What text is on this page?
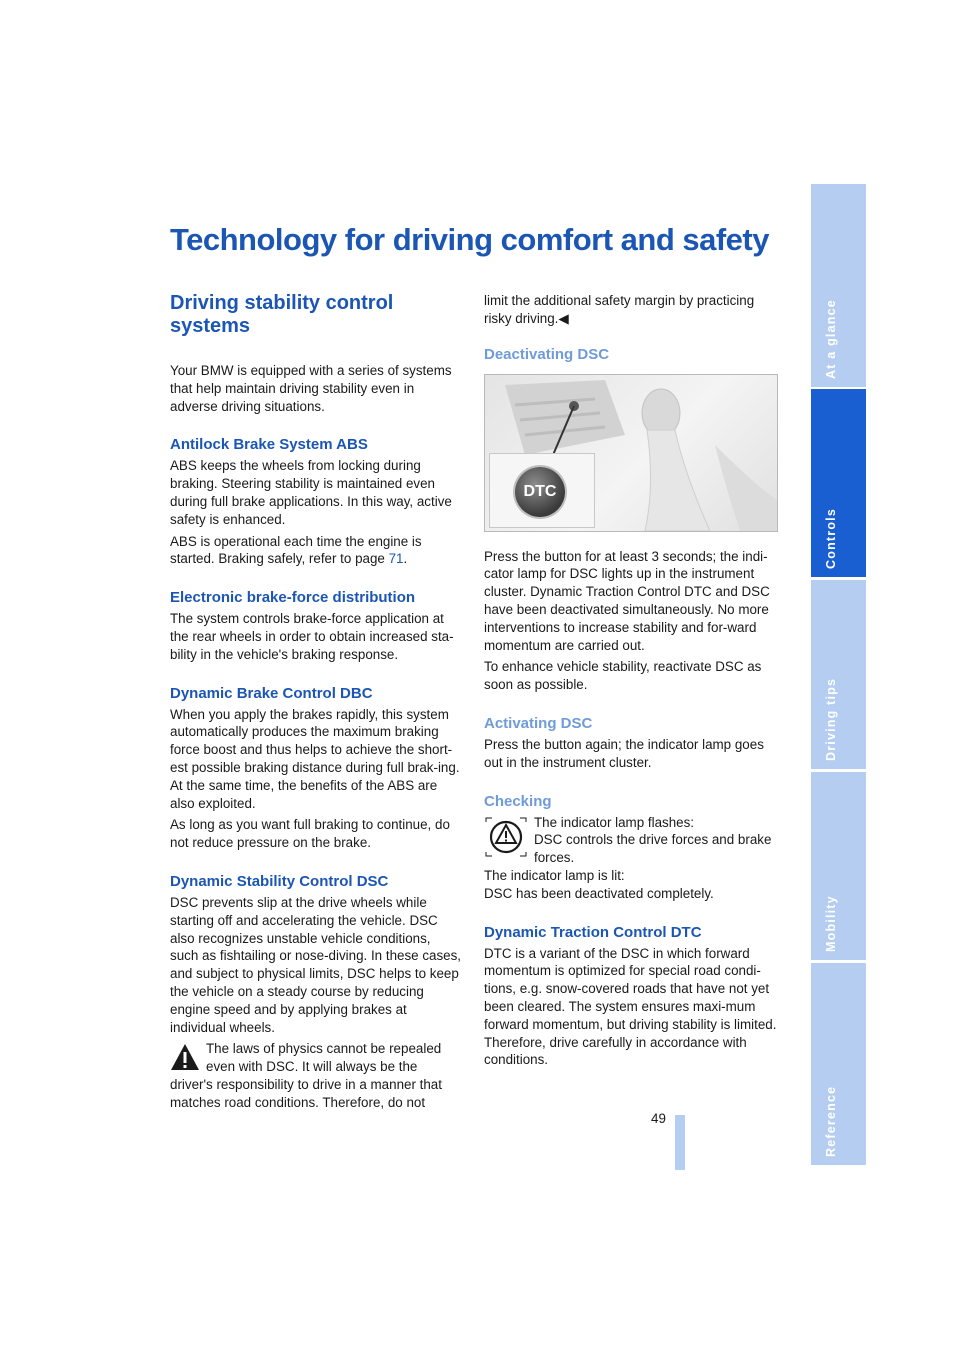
Technology for driving comfort and safety
Driving stability control systems

Your BMW is equipped with a series of systems that help maintain driving stability even in adverse driving situations.

Antilock Brake System ABS

ABS keeps the wheels from locking during braking. Steering stability is maintained even during full brake applications. In this way, active safety is enhanced.

ABS is operational each time the engine is started. Braking safely, refer to page 71.

Electronic brake-force distribution

The system controls brake-force application at the rear wheels in order to obtain increased sta-bility in the vehicle's braking response.

Dynamic Brake Control DBC

When you apply the brakes rapidly, this system automatically produces the maximum braking force boost and thus helps to achieve the short-est possible braking distance during full brak-ing. At the same time, the benefits of the ABS are also exploited.

As long as you want full braking to continue, do not reduce pressure on the brake.

Dynamic Stability Control DSC

DSC prevents slip at the drive wheels while starting off and accelerating the vehicle. DSC also recognizes unstable vehicle conditions, such as fishtailing or nose-diving. In these cases, and subject to physical limits, DSC helps to keep the vehicle on a steady course by reducing engine speed and by applying brakes at individual wheels.

The laws of physics cannot be repealed even with DSC. It will always be the driver's responsibility to drive in a manner that matches road conditions. Therefore, do not

limit the additional safety margin by practicing risky driving.◀

Deactivating DSC
DTC

Press the button for at least 3 seconds; the indi-cator lamp for DSC lights up in the instrument cluster. Dynamic Traction Control DTC and DSC have been deactivated simultaneously. No more interventions to increase stability and for-ward momentum are carried out.

To enhance vehicle stability, reactivate DSC as soon as possible.

Activating DSC

Press the button again; the indicator lamp goes out in the instrument cluster.

Checking

The indicator lamp flashes:

DSC controls the drive forces and brake forces.

The indicator lamp is lit:

DSC has been deactivated completely.

Dynamic Traction Control DTC

DTC is a variant of the DSC in which forward momentum is optimized for special road condi-tions, e.g. snow-covered roads that have not yet been cleared. The system ensures maxi-mum forward momentum, but driving stability is limited. Therefore, drive carefully in accordance with conditions.

49
At a glance
Controls
Driving tips
Mobility
Reference
